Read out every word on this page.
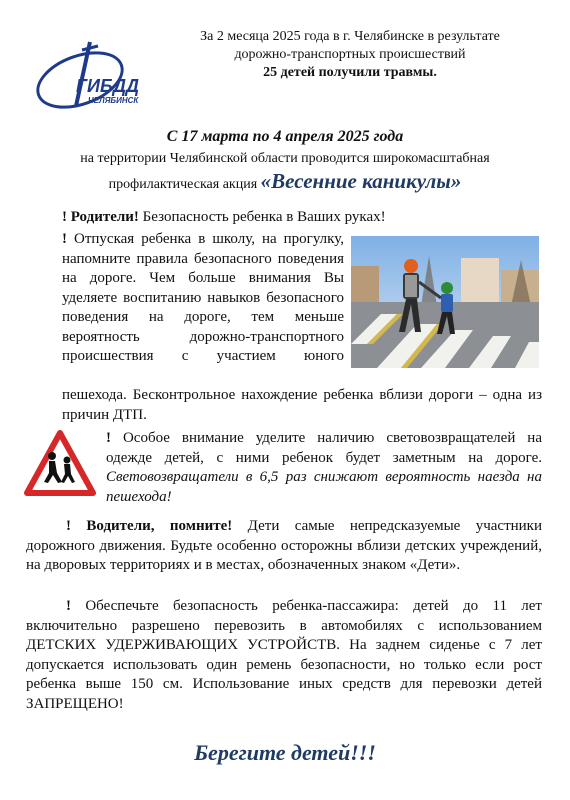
ГИБДД
ЧЕЛЯБИНСК
За 2 месяца 2025 года в г. Челябинске в результате
дорожно-транспортных происшествий
25 детей получили травмы.
С 17 марта по 4 апреля 2025 года
на территории Челябинской области проводится широкомасштабная
профилактическая акция «Весенние каникулы»
! Родители! Безопасность ребенка в Ваших руках!
! Отпуская ребенка в школу, на прогулку, напомните правила безопасного поведения на дороге. Чем больше внимания Вы уделяете воспитанию навыков безопасного поведения на дороге, тем меньше вероятность дорожно-транспортного происшествия с участием юного
пешехода. Бесконтрольное нахождение ребенка вблизи дороги – одна из причин ДТП.
! Особое внимание уделите наличию световозвращателей на одежде детей, с ними ребенок будет заметным на дороге. Световозвращатели в 6,5 раз снижают вероятность наезда на пешехода!
! Водители, помните! Дети самые непредсказуемые участники дорожного движения. Будьте особенно осторожны вблизи детских учреждений, на дворовых территориях и в местах, обозначенных знаком «Дети».
! Обеспечьте безопасность ребенка-пассажира: детей до 11 лет включительно разрешено перевозить в автомобилях с использованием ДЕТСКИХ УДЕРЖИВАЮЩИХ УСТРОЙСТВ. На заднем сиденье с 7 лет допускается использовать один ремень безопасности, но только если рост ребенка выше 150 см. Использование иных средств для перевозки детей ЗАПРЕЩЕНО!
Берегите детей!!!
